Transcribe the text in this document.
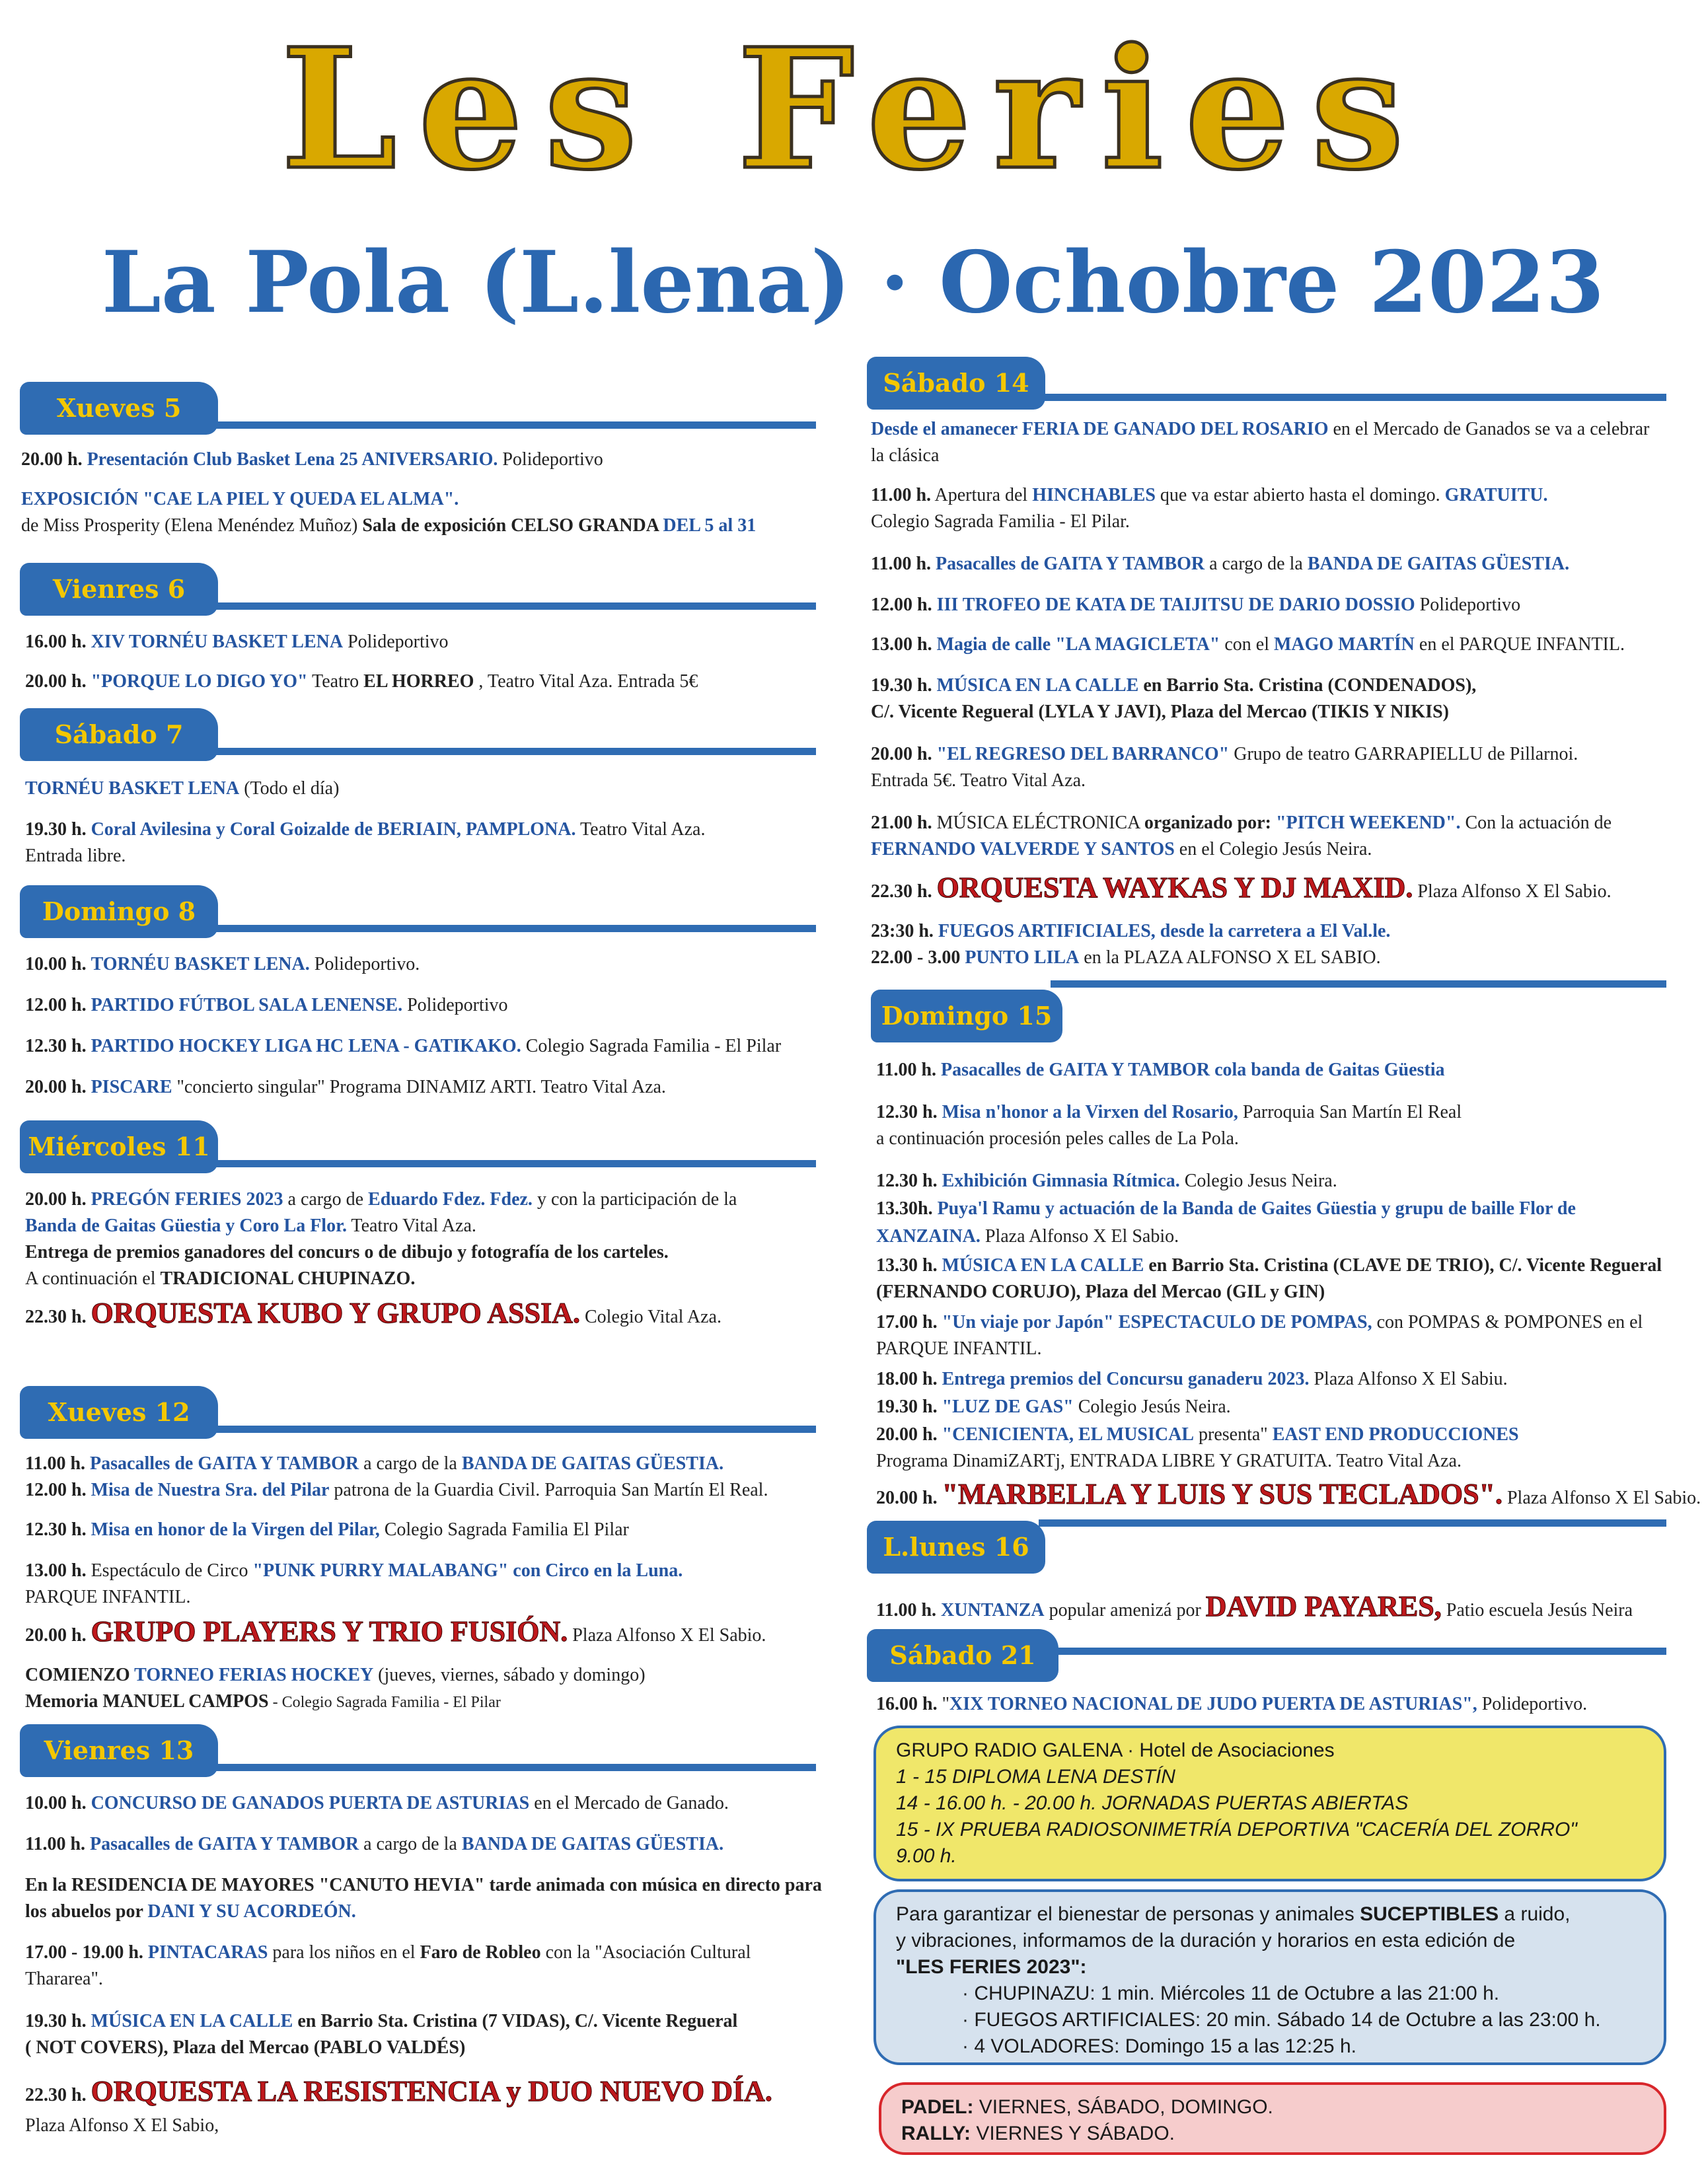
Les Feries
La Pola (L.lena) · Ochobre 2023
Xueves 5
20.00 h. Presentación Club Basket Lena 25 ANIVERSARIO. Polideportivo
EXPOSICIÓN "CAE LA PIEL Y QUEDA EL ALMA".
de Miss Prosperity (Elena Menéndez Muñoz) Sala de exposición CELSO GRANDA DEL 5 al 31
Vienres 6
16.00 h. XIV TORNÉU BASKET LENA Polideportivo
20.00 h. "PORQUE LO DIGO YO" Teatro EL HORREO , Teatro Vital Aza. Entrada 5€
Sábado 7
TORNÉU BASKET LENA (Todo el día)
19.30 h. Coral Avilesina y Coral Goizalde de BERIAIN, PAMPLONA. Teatro Vital Aza.
Entrada libre.
Domingo 8
10.00 h. TORNÉU BASKET LENA. Polideportivo.
12.00 h. PARTIDO FÚTBOL SALA LENENSE. Polideportivo
12.30 h. PARTIDO HOCKEY LIGA HC LENA - GATIKAKO. Colegio Sagrada Familia - El Pilar
20.00 h. PISCARE "concierto singular" Programa DINAMIZ ARTI. Teatro Vital Aza.
Miércoles 11
20.00 h. PREGÓN FERIES 2023 a cargo de Eduardo Fdez. Fdez. y con la participación de la
Banda de Gaitas Güestia y Coro La Flor. Teatro Vital Aza.
Entrega de premios ganadores del concurs o de dibujo y fotografía de los carteles.
A continuación el TRADICIONAL CHUPINAZO.
22.30 h. ORQUESTA KUBO Y GRUPO ASSIA. Colegio Vital Aza.
Xueves 12
11.00 h. Pasacalles de GAITA Y TAMBOR a cargo de la BANDA DE GAITAS GÜESTIA.
12.00 h. Misa de Nuestra Sra. del Pilar patrona de la Guardia Civil. Parroquia San Martín El Real.
12.30 h. Misa en honor de la Virgen del Pilar, Colegio Sagrada Familia El Pilar
13.00 h. Espectáculo de Circo "PUNK PURRY MALABANG" con Circo en la Luna.
PARQUE INFANTIL.
20.00 h. GRUPO PLAYERS Y TRIO FUSIÓN. Plaza Alfonso X El Sabio.
COMIENZO TORNEO FERIAS HOCKEY (jueves, viernes, sábado y domingo)
Memoria MANUEL CAMPOS - Colegio Sagrada Familia - El Pilar
Vienres 13
10.00 h. CONCURSO DE GANADOS PUERTA DE ASTURIAS en el Mercado de Ganado.
11.00 h. Pasacalles de GAITA Y TAMBOR a cargo de la BANDA DE GAITAS GÜESTIA.
En la RESIDENCIA DE MAYORES "CANUTO HEVIA" tarde animada con música en directo para
los abuelos por DANI Y SU ACORDEÓN.
17.00 - 19.00 h. PINTACARAS para los niños en el Faro de Robleo con la "Asociación Cultural
Thararea".
19.30 h. MÚSICA EN LA CALLE en Barrio Sta. Cristina (7 VIDAS), C/. Vicente Regueral
( NOT COVERS), Plaza del Mercao (PABLO VALDÉS)
22.30 h. ORQUESTA LA RESISTENCIA y DUO NUEVO DÍA.
Plaza Alfonso X El Sabio,
Sábado 14
Desde el amanecer FERIA DE GANADO DEL ROSARIO en el Mercado de Ganados se va a celebrar
la clásica
11.00 h. Apertura del HINCHABLES que va estar abierto hasta el domingo. GRATUITU.
Colegio Sagrada Familia - El Pilar.
11.00 h. Pasacalles de GAITA Y TAMBOR a cargo de la BANDA DE GAITAS GÜESTIA.
12.00 h. III TROFEO DE KATA DE TAIJITSU DE DARIO DOSSIO Polideportivo
13.00 h. Magia de calle "LA MAGICLETA" con el MAGO MARTÍN en el PARQUE INFANTIL.
19.30 h. MÚSICA EN LA CALLE en Barrio Sta. Cristina (CONDENADOS),
C/. Vicente Regueral (LYLA Y JAVI), Plaza del Mercao (TIKIS Y NIKIS)
20.00 h. "EL REGRESO DEL BARRANCO" Grupo de teatro GARRAPIELLU de Pillarnoi.
Entrada 5€. Teatro Vital Aza.
21.00 h. MÚSICA ELÉCTRONICA organizado por: "PITCH WEEKEND". Con la actuación de
FERNANDO VALVERDE Y SANTOS en el Colegio Jesús Neira.
22.30 h. ORQUESTA WAYKAS Y DJ MAXID. Plaza Alfonso X El Sabio.
23:30 h. FUEGOS ARTIFICIALES, desde la carretera a El Val.le.
22.00 - 3.00 PUNTO LILA en la PLAZA ALFONSO X EL SABIO.
Domingo 15
11.00 h. Pasacalles de GAITA Y TAMBOR cola banda de Gaitas Güestia
12.30 h. Misa n'honor a la Virxen del Rosario, Parroquia San Martín El Real
a continuación procesión peles calles de La Pola.
12.30 h. Exhibición Gimnasia Rítmica. Colegio Jesus Neira.
13.30h. Puya'l Ramu y actuación de la Banda de Gaites Güestia y grupu de baille Flor de
XANZAINA. Plaza Alfonso X El Sabio.
13.30 h. MÚSICA EN LA CALLE en Barrio Sta. Cristina (CLAVE DE TRIO), C/. Vicente Regueral
(FERNANDO CORUJO), Plaza del Mercao (GIL y GIN)
17.00 h. "Un viaje por Japón" ESPECTACULO DE POMPAS, con POMPAS & POMPONES en el
PARQUE INFANTIL.
18.00 h. Entrega premios del Concursu ganaderu 2023. Plaza Alfonso X El Sabiu.
19.30 h. "LUZ DE GAS" Colegio Jesús Neira.
20.00 h. "CENICIENTA, EL MUSICAL presenta" EAST END PRODUCCIONES
Programa DinamiZARTj, ENTRADA LIBRE Y GRATUITA. Teatro Vital Aza.
20.00 h. "MARBELLA Y LUIS Y SUS TECLADOS". Plaza Alfonso X El Sabio.
L.lunes 16
11.00 h. XUNTANZA popular amenizá por DAVID PAYARES, Patio escuela Jesús Neira
Sábado 21
16.00 h. "XIX TORNEO NACIONAL DE JUDO PUERTA DE ASTURIAS", Polideportivo.
GRUPO RADIO GALENA · Hotel de Asociaciones
1 - 15 DIPLOMA LENA DESTÍN
14 - 16.00 h. - 20.00 h. JORNADAS PUERTAS ABIERTAS
15 - IX PRUEBA RADIOSONIMETRÍA DEPORTIVA "CACERÍA DEL ZORRO"
9.00 h.
Para garantizar el bienestar de personas y animales SUCEPTIBLES a ruido,
y vibraciones, informamos de la duración y horarios en esta edición de
"LES FERIES 2023":
· CHUPINAZU: 1 min. Miércoles 11 de Octubre a las 21:00 h.
· FUEGOS ARTIFICIALES: 20 min. Sábado 14 de Octubre a las 23:00 h.
· 4 VOLADORES: Domingo 15 a las 12:25 h.
PADEL: VIERNES, SÁBADO, DOMINGO.
RALLY: VIERNES Y SÁBADO.
